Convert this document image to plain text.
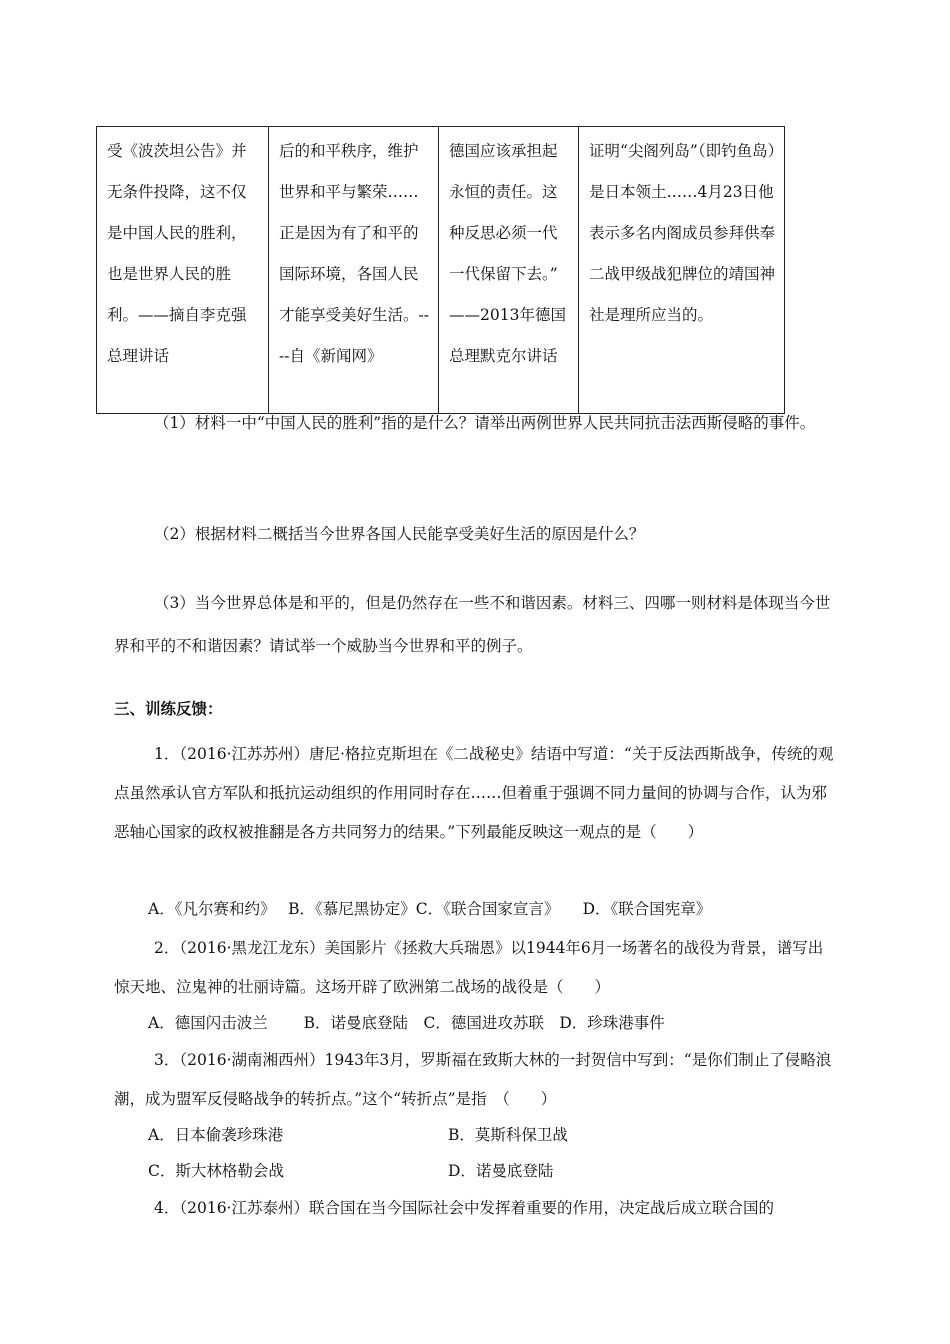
受《波茨坦公告》并无条件投降，这不仅是中国人民的胜利，也是世界人民的胜利。——摘自李克强总理讲话	后的和平秩序，维护世界和平与繁荣……正是因为有了和平的国际环境，各国人民才能享受美好生活。----自《新闻网》	德国应该承担起永恒的责任。这种反思必须一代一代保留下去。” ——2013年德国总理默克尔讲话	证明“尖阁列岛”（即钓鱼岛）是日本领土……4月23日他表示多名内阁成员参拜供奉二战甲级战犯牌位的靖国神社是理所应当的。
（1）材料一中“中国人民的胜利”指的是什么？请举出两例世界人民共同抗击法西斯侵略的事件。
（2）根据材料二概括当今世界各国人民能享受美好生活的原因是什么？
（3）当今世界总体是和平的，但是仍然存在一些不和谐因素。材料三、四哪一则材料是体现当今世界和平的不和谐因素？请试举一个威胁当今世界和平的例子。
三、训练反馈：
1．（2016·江苏苏州）唐尼·格拉克斯坦在《二战秘史》结语中写道：“关于反法西斯战争，传统的观点虽然承认官方军队和抵抗运动组织的作用同时存在……但着重于强调不同力量间的协调与合作，认为邪恶轴心国家的政权被推翻是各方共同努力的结果。”下列最能反映这一观点的是（　　）
A．《凡尔赛和约》　 B．《慕尼黑协定》C．《联合国家宣言》　　D．《联合国宪章》
2．（2016·黑龙江龙东）美国影片《拯救大兵瑞恩》以1944年6月一场著名的战役为背景，谱写出惊天地、泣鬼神的壮丽诗篇。这场开辟了欧洲第二战场的战役是（　　）
A．德国闪击波兰　　 B．诺曼底登陆　C．德国进攻苏联　D．珍珠港事件
3．（2016·湖南湘西州）1943年3月，罗斯福在致斯大林的一封贺信中写到：“是你们制止了侵略浪潮，成为盟军反侵略战争的转折点。”这个“转折点”是指　（　　）
A．日本偷袭珍珠港	B．莫斯科保卫战
C．斯大林格勒会战	D．诺曼底登陆
4．（2016·江苏泰州）联合国在当今国际社会中发挥着重要的作用，决定战后成立联合国的
